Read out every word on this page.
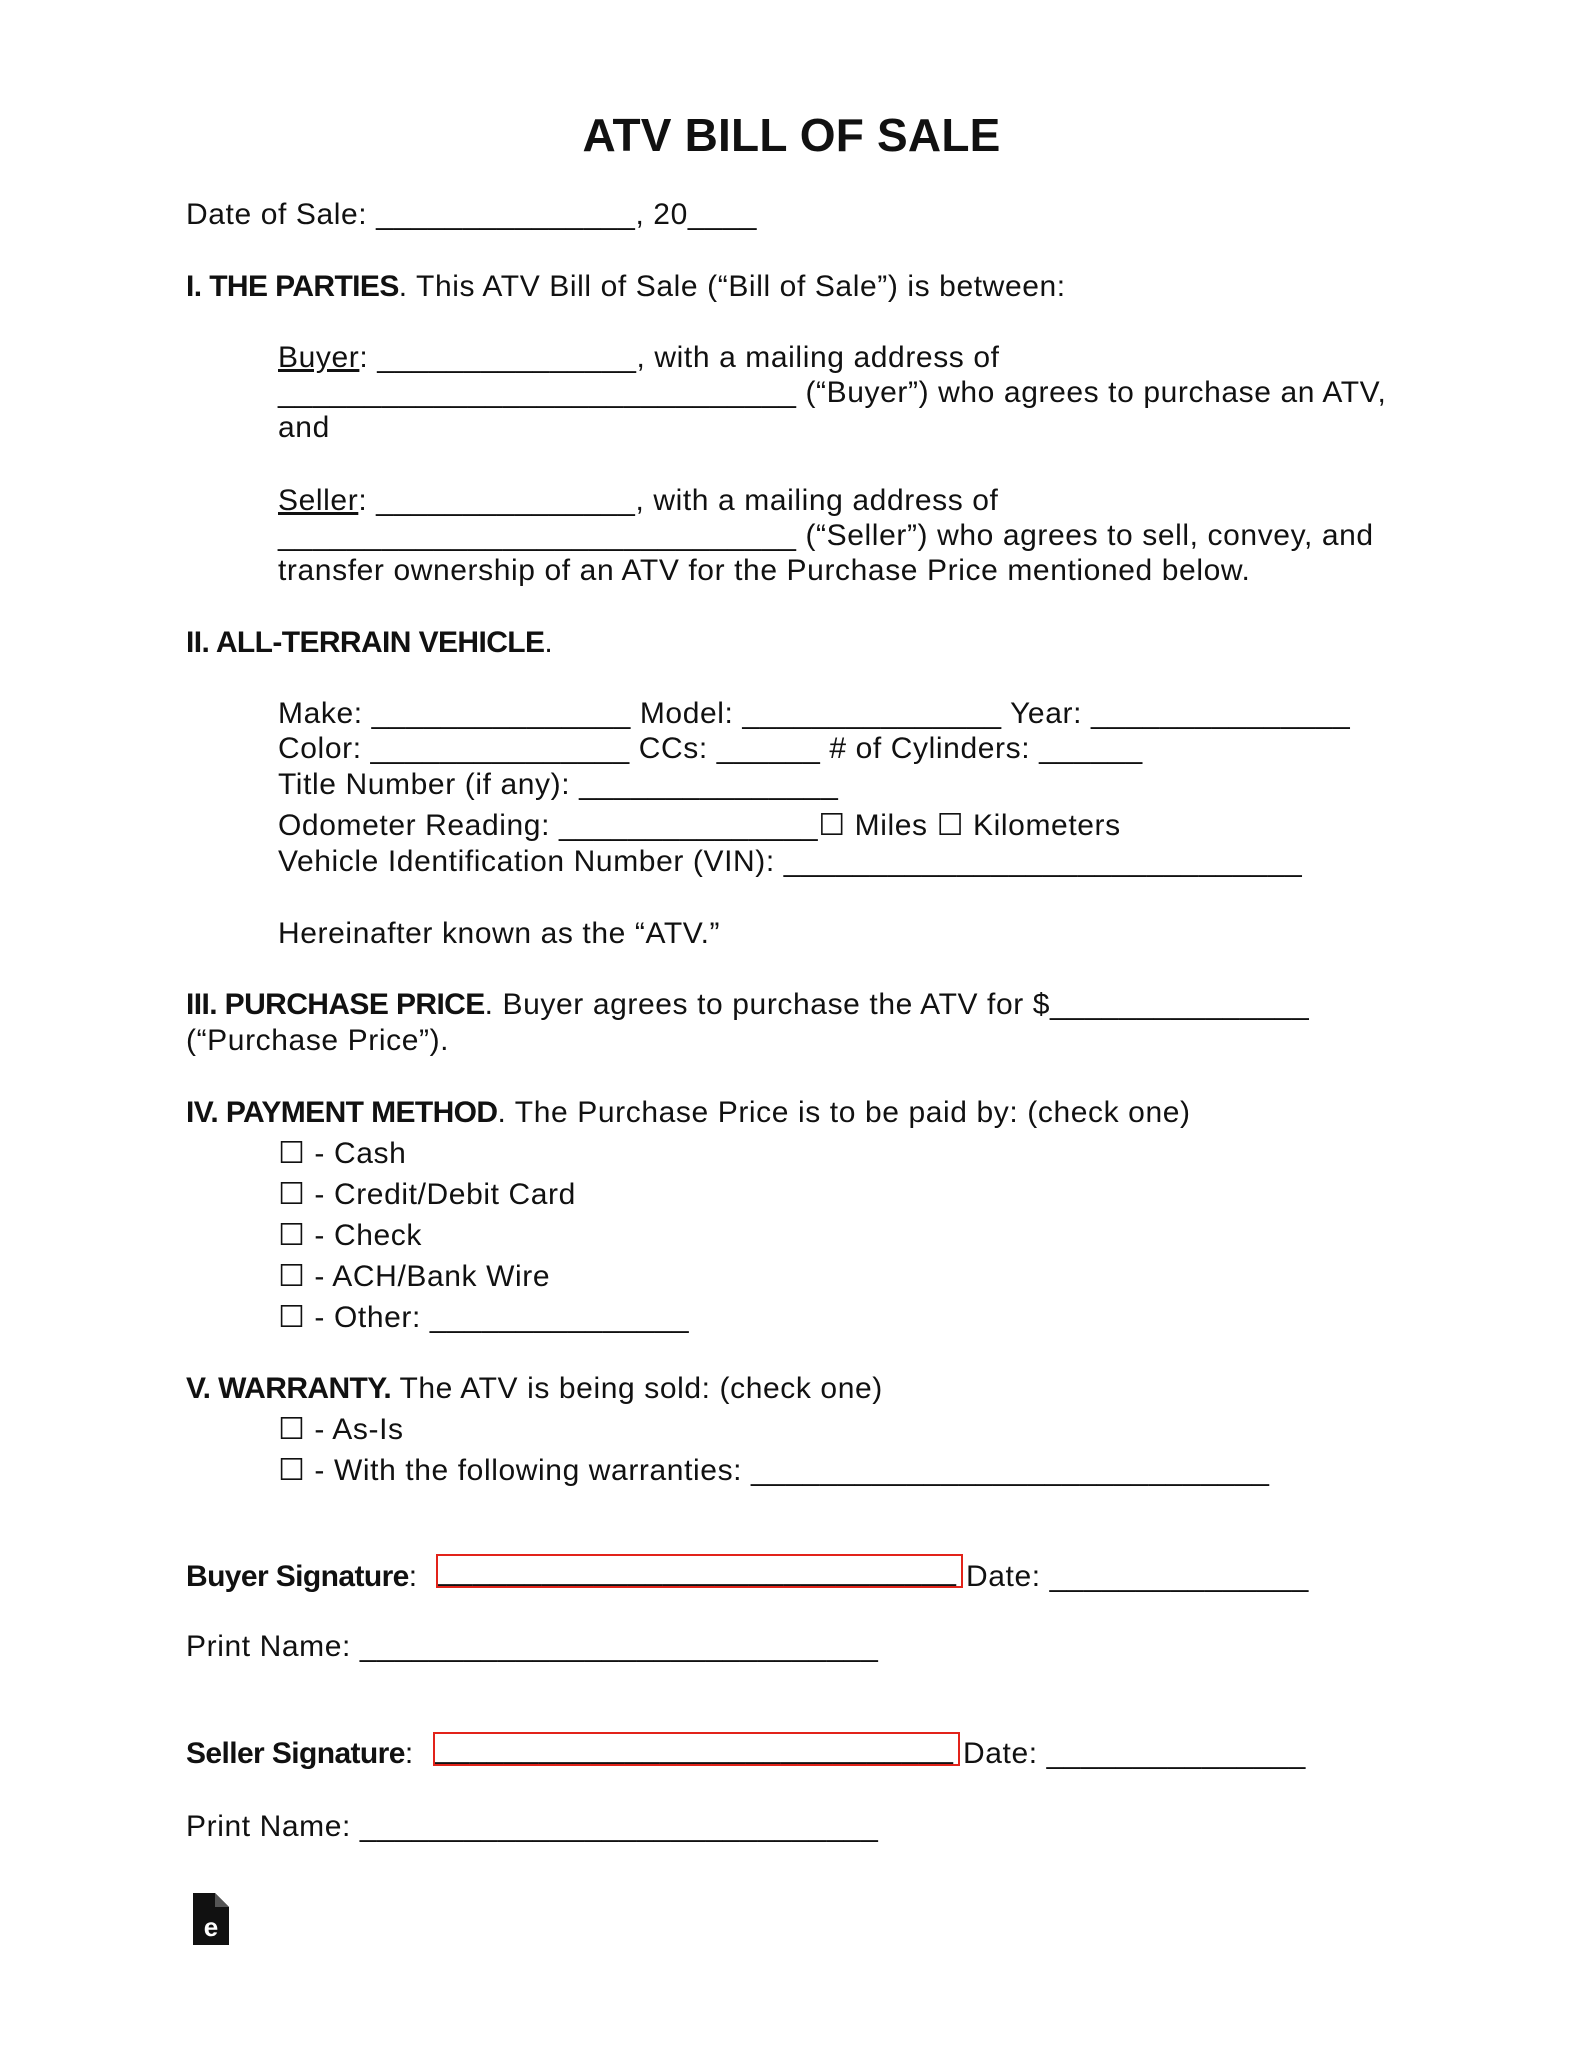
ATV BILL OF SALE
Date of Sale: _______________, 20____
I. THE PARTIES. This ATV Bill of Sale (“Bill of Sale”) is between:
Buyer: _______________, with a mailing address of
______________________________ (“Buyer”) who agrees to purchase an ATV,
and
Seller: _______________, with a mailing address of
______________________________ (“Seller”) who agrees to sell, convey, and
transfer ownership of an ATV for the Purchase Price mentioned below.
II. ALL-TERRAIN VEHICLE.
Make: _______________ Model: _______________ Year: _______________
Color: _______________ CCs: ______ # of Cylinders: ______
Title Number (if any): _______________
Odometer Reading: _______________☐ Miles ☐ Kilometers
Vehicle Identification Number (VIN): ______________________________
Hereinafter known as the “ATV.”
III. PURCHASE PRICE. Buyer agrees to purchase the ATV for $_______________
(“Purchase Price”).
IV. PAYMENT METHOD. The Purchase Price is to be paid by: (check one)
☐ - Cash
☐ - Credit/Debit Card
☐ - Check
☐ - ACH/Bank Wire
☐ - Other: _______________
V. WARRANTY. The ATV is being sold: (check one)
☐ - As-Is
☐ - With the following warranties: ______________________________
Buyer Signature: ______________________________ Date: _______________
Print Name: ______________________________
Seller Signature: ______________________________ Date: _______________
Print Name: ______________________________
e
